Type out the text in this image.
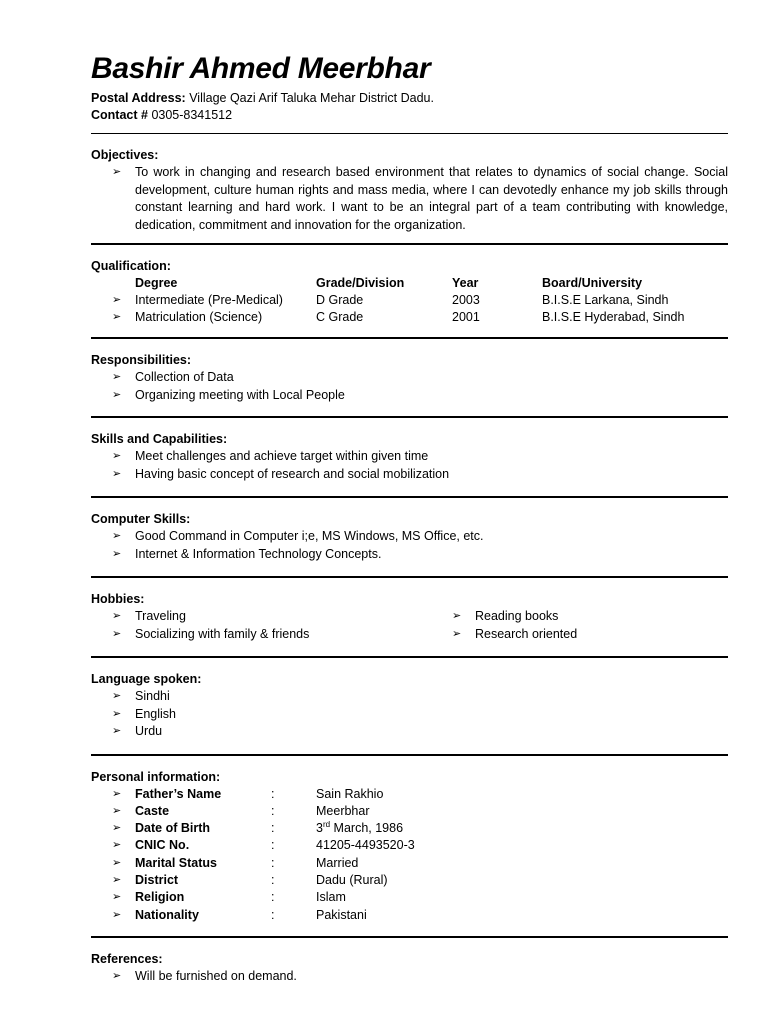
Bashir Ahmed Meerbhar
Postal Address: Village Qazi Arif Taluka Mehar District Dadu.
Contact # 0305-8341512
Objectives:
➢ To work in changing and research based environment that relates to dynamics of social change. Social development, culture human rights and mass media, where I can devotedly enhance my job skills through constant learning and hard work. I want to be an integral part of a team contributing with knowledge, dedication, commitment and innovation for the organization.
Qualification:
Degree	Grade/Division	Year	Board/University
➢ Intermediate (Pre-Medical)	D Grade	2003	B.I.S.E Larkana, Sindh
➢ Matriculation (Science)	C Grade	2001	B.I.S.E Hyderabad, Sindh
Responsibilities:
➢ Collection of Data
➢ Organizing meeting with Local People
Skills and Capabilities:
➢ Meet challenges and achieve target within given time
➢ Having basic concept of research and social mobilization
Computer Skills:
➢ Good Command in Computer i;e, MS Windows, MS Office, etc.
➢ Internet & Information Technology Concepts.
Hobbies:
➢ Traveling
➢ Socializing with family & friends
➢ Reading books
➢ Research oriented
Language spoken:
➢ Sindhi
➢ English
➢ Urdu
Personal information:
➢ Father’s Name	:	Sain Rakhio
➢ Caste	:	Meerbhar
➢ Date of Birth	:	3rd March, 1986
➢ CNIC No.	:	41205-4493520-3
➢ Marital Status	:	Married
➢ District	:	Dadu (Rural)
➢ Religion	:	Islam
➢ Nationality	:	Pakistani
References:
➢ Will be furnished on demand.
